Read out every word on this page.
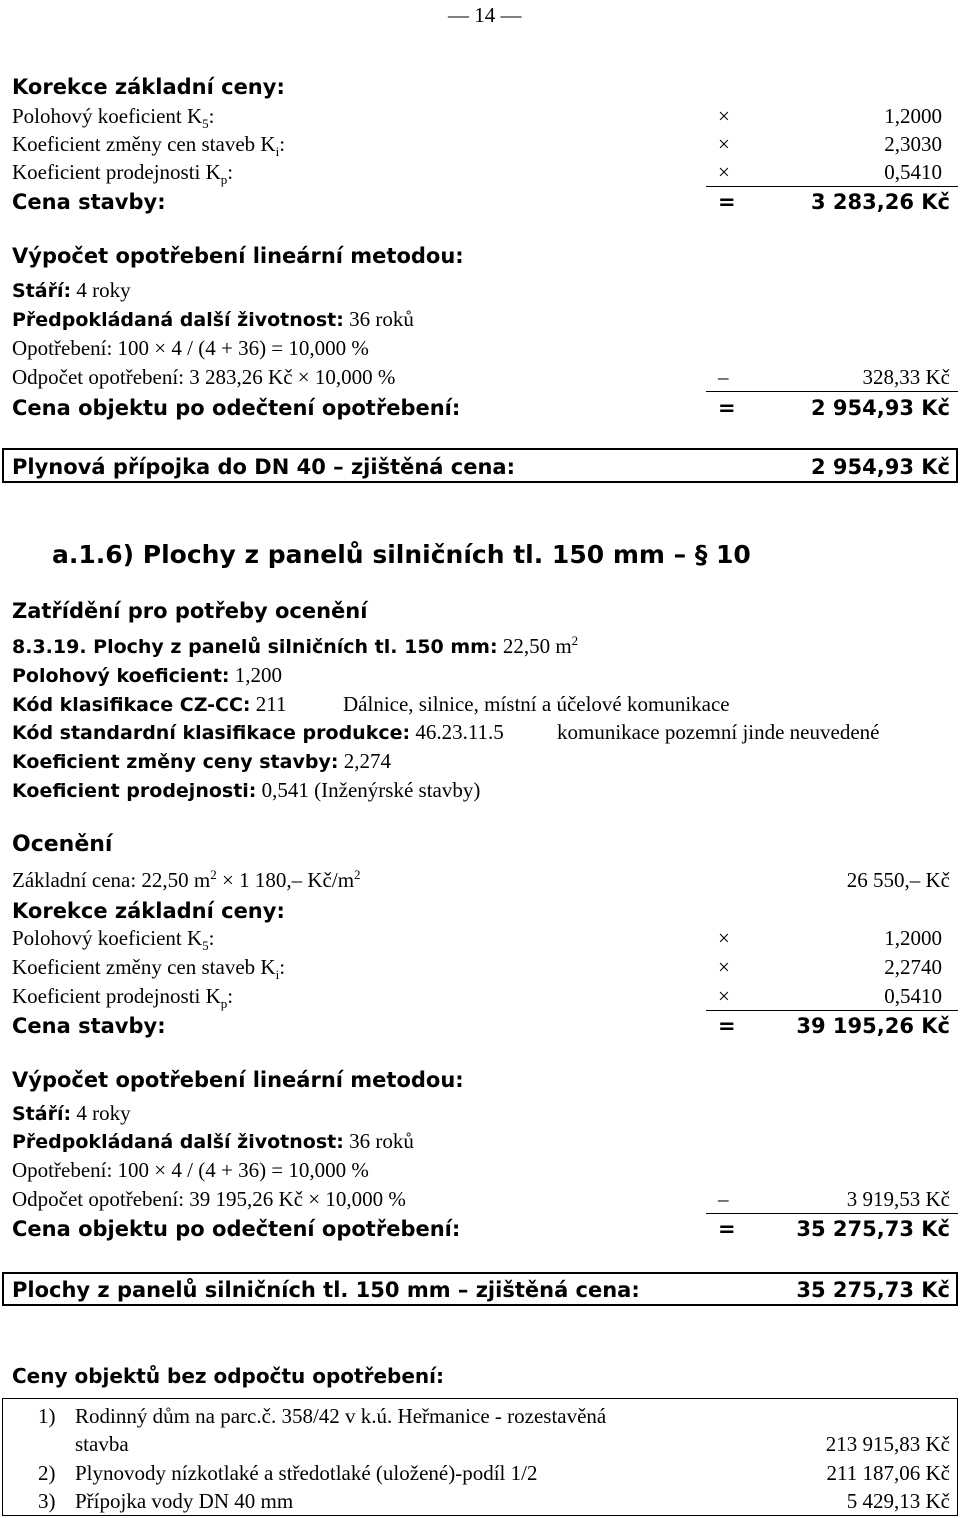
— 14 —
Korekce základní ceny:
Polohový koeficient $K_5$:	×	1,2000
Koeficient změny cen staveb $K_i$:	×	2,3030
Koeficient prodejnosti $K_p$:	×	0,5410
Cena stavby:	=	3 283,26 Kč
Výpočet opotřebení lineární metodou:
Stáří: 4 roky
Předpokládaná další životnost: 36 roků
Opotřebení: 100 × 4 / (4 + 36) = 10,000 %
Odpočet opotřebení: 3 283,26 Kč × 10,000 %	–	328,33 Kč
Cena objektu po odečtení opotřebení:	=	2 954,93 Kč
Plynová přípojka do DN 40 – zjištěná cena:	2 954,93 Kč
a.1.6) Plochy z panelů silničních tl. 150 mm – § 10
Zatřídění pro potřeby ocenění
8.3.19. Plochy z panelů silničních tl. 150 mm: 22,50 $m^2$
Polohový koeficient: 1,200
Kód klasifikace CZ-CC: 211	Dálnice, silnice, místní a účelové komunikace
Kód standardní klasifikace produkce: 46.23.11.5	komunikace pozemní jinde neuvedené
Koeficient změny ceny stavby: 2,274
Koeficient prodejnosti: 0,541 (Inženýrské stavby)
Ocenění
Základní cena: 22,50 $m^2 \times 1$ 180,– $Kč/m^2$	26 550,– Kč
Korekce základní ceny:
Polohový koeficient $K_5$:	×	1,2000
Koeficient změny cen staveb $K_i$:	×	2,2740
Koeficient prodejnosti $K_p$:	×	0,5410
Cena stavby:	=	39 195,26 Kč
Výpočet opotřebení lineární metodou:
Stáří: 4 roky
Předpokládaná další životnost: 36 roků
Opotřebení: 100 × 4 / (4 + 36) = 10,000 %
Odpočet opotřebení: 39 195,26 Kč × 10,000 %	–	3 919,53 Kč
Cena objektu po odečtení opotřebení:	=	35 275,73 Kč
Plochy z panelů silničních tl. 150 mm – zjištěná cena:	35 275,73 Kč
Ceny objektů bez odpočtu opotřebení:
1) Rodinný dům na parc.č. 358/42 v k.ú. Heřmanice - rozestavěná
stavba	213 915,83 Kč
2) Plynovody nízkotlaké a středotlaké (uložené)-podíl 1/2	211 187,06 Kč
3) Přípojka vody DN 40 mm	5 429,13 Kč
